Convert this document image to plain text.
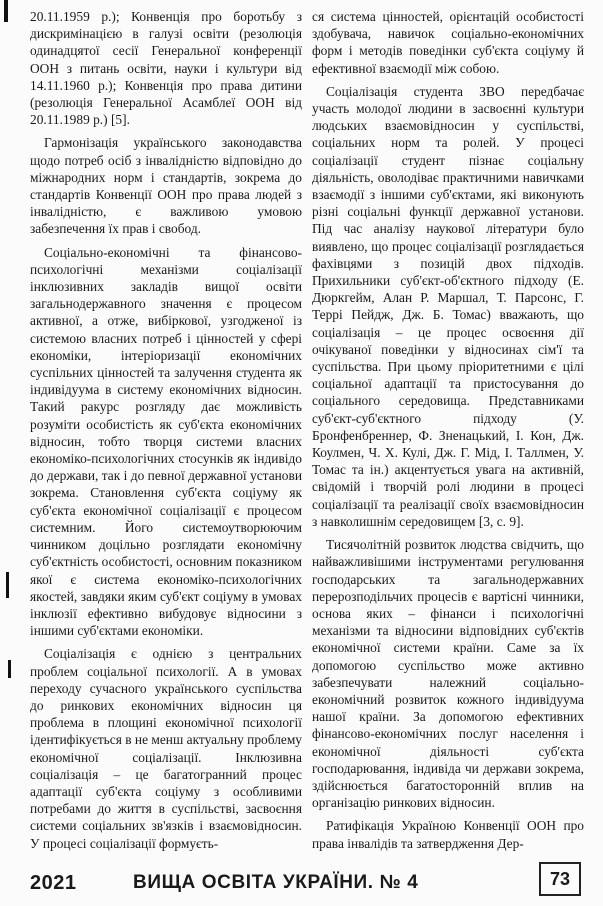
20.11.1959 р.); Конвенція про боротьбу з дискримінацією в галузі освіти (резолюція одинадцятої сесії Генеральної конференції ООН з питань освіти, науки і культури від 14.11.1960 р.); Конвенція про права дитини (резолюція Генеральної Асамблеї ООН від 20.11.1989 р.) [5].

Гармонізація українського законодавства щодо потреб осіб з інвалідністю відповідно до міжнародних норм і стандартів, зокрема до стандартів Конвенції ООН про права людей з інвалідністю, є важливою умовою забезпечення їх прав і свобод.

Соціально-економічні та фінансово-психологічні механізми соціалізації інклюзивних закладів вищої освіти загальнодержавного значення є процесом активної, а отже, вибіркової, узгодженої із системою власних потреб і цінностей у сфері економіки, інтеріоризації економічних суспільних цінностей та залучення студента як індивідуума в систему економічних відносин. Такий ракурс розгляду дає можливість розуміти особистість як суб'єкта економічних відносин, тобто творця системи власних економіко-психологічних стосунків як індивідо до держави, так і до певної державної установи зокрема. Становлення суб'єкта соціуму як суб'єкта економічної соціалізації є процесом системним. Його системоутворюючим чинником доцільно розглядати економічну суб'єктність особистості, основним показником якої є система економіко-психологічних якостей, завдяки яким суб'єкт соціуму в умовах інклюзії ефективно вибудовує відносини з іншими суб'єктами економіки.

Соціалізація є однією з центральних проблем соціальної психології. А в умовах переходу сучасного українського суспільства до ринкових економічних відносин ця проблема в площині економічної психології ідентифікується в не менш актуальну проблему економічної соціалізації. Інклюзивна соціалізація – це багатогранний процес адаптації суб'єкта соціуму з особливими потребами до життя в суспільстві, засвоєння системи соціальних зв'язків і взаємовідносин. У процесі соціалізації формуєть-

ся система цінностей, орієнтацій особистості здобувача, навичок соціально-економічних форм і методів поведінки суб'єкта соціуму й ефективної взаємодії між собою.

Соціалізація студента ЗВО передбачає участь молодої людини в засвоєнні культури людських взаємовідносин у суспільстві, соціальних норм та ролей. У процесі соціалізації студент пізнає соціальну діяльність, оволодіває практичними навичками взаємодії з іншими суб'єктами, які виконують різні соціальні функції державної установи. Під час аналізу наукової літератури було виявлено, що процес соціалізації розглядається фахівцями з позицій двох підходів. Прихильники суб'єкт-об'єктного підходу (Е. Дюркгейм, Алан Р. Маршал, Т. Парсонс, Г. Террі Пейдж, Дж. Б. Томас) вважають, що соціалізація – це процес освоєння дії очікуваної поведінки у відносинах сім'ї та суспільства. При цьому пріоритетними є цілі соціальної адаптації та пристосування до соціального середовища. Представниками суб'єкт-суб'єктного підходу (У. Бронфенбреннер, Ф. Зненацький, І. Кон, Дж. Коулмен, Ч. Х. Кулі, Дж. Г. Мід, І. Таллмен, У. Томас та ін.) акцентується увага на активній, свідомій і творчій ролі людини в процесі соціалізації та реалізації своїх взаємовідносин з навколишнім середовищем [3, с. 9].

Тисячолітній розвиток людства свідчить, що найважливішими інструментами регулювання господарських та загальнодержавних перерозподільчих процесів є вартісні чинники, основа яких – фінанси і психологічні механізми та відносини відповідних суб'єктів економічної системи країни. Саме за їх допомогою суспільство може активно забезпечувати належний соціально-економічний розвиток кожного індивідуума нашої країни. За допомогою ефективних фінансово-економічних послуг населення і економічної діяльності суб'єкта господарювання, індивіда чи держави зокрема, здійснюється багатосторонній вплив на організацію ринкових відносин.

Ратифікація Україною Конвенції ООН про права інвалідів та затвердження Дер-

2021	ВИЩА ОСВІТА УКРАЇНИ. № 4	73
